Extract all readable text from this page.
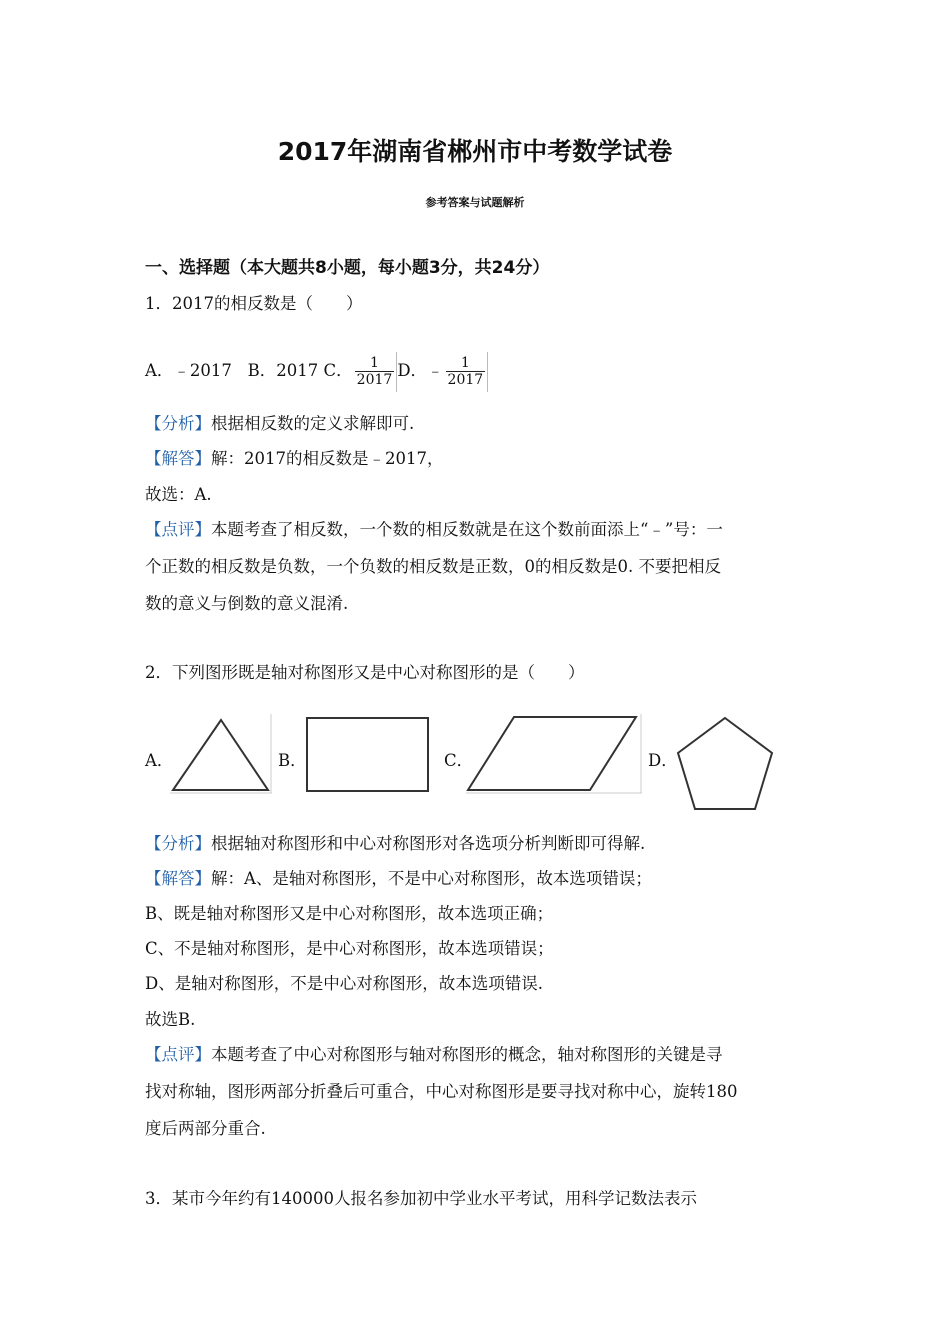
2017年湖南省郴州市中考数学试卷
参考答案与试题解析
一、选择题（本大题共8小题，每小题3分，共24分）
1．2017的相反数是（　　）
A．﹣2017 B．2017 C． $\frac{1}{2017}$ D．﹣ $\frac{1}{2017}$
【分析】根据相反数的定义求解即可.
【解答】解：2017的相反数是﹣2017，
故选：A.
【点评】本题考查了相反数，一个数的相反数就是在这个数前面添上“﹣”号：一
个正数的相反数是负数，一个负数的相反数是正数，0的相反数是0. 不要把相反
数的意义与倒数的意义混淆.
2．下列图形既是轴对称图形又是中心对称图形的是（　　）
A．	B．	C．	D．
【分析】根据轴对称图形和中心对称图形对各选项分析判断即可得解.
【解答】解：A、是轴对称图形，不是中心对称图形，故本选项错误；
B、既是轴对称图形又是中心对称图形，故本选项正确；
C、不是轴对称图形，是中心对称图形，故本选项错误；
D、是轴对称图形，不是中心对称图形，故本选项错误.
故选B.
【点评】本题考查了中心对称图形与轴对称图形的概念，轴对称图形的关键是寻
找对称轴，图形两部分折叠后可重合，中心对称图形是要寻找对称中心，旋转180
度后两部分重合.
3．某市今年约有140000人报名参加初中学业水平考试，用科学记数法表示
